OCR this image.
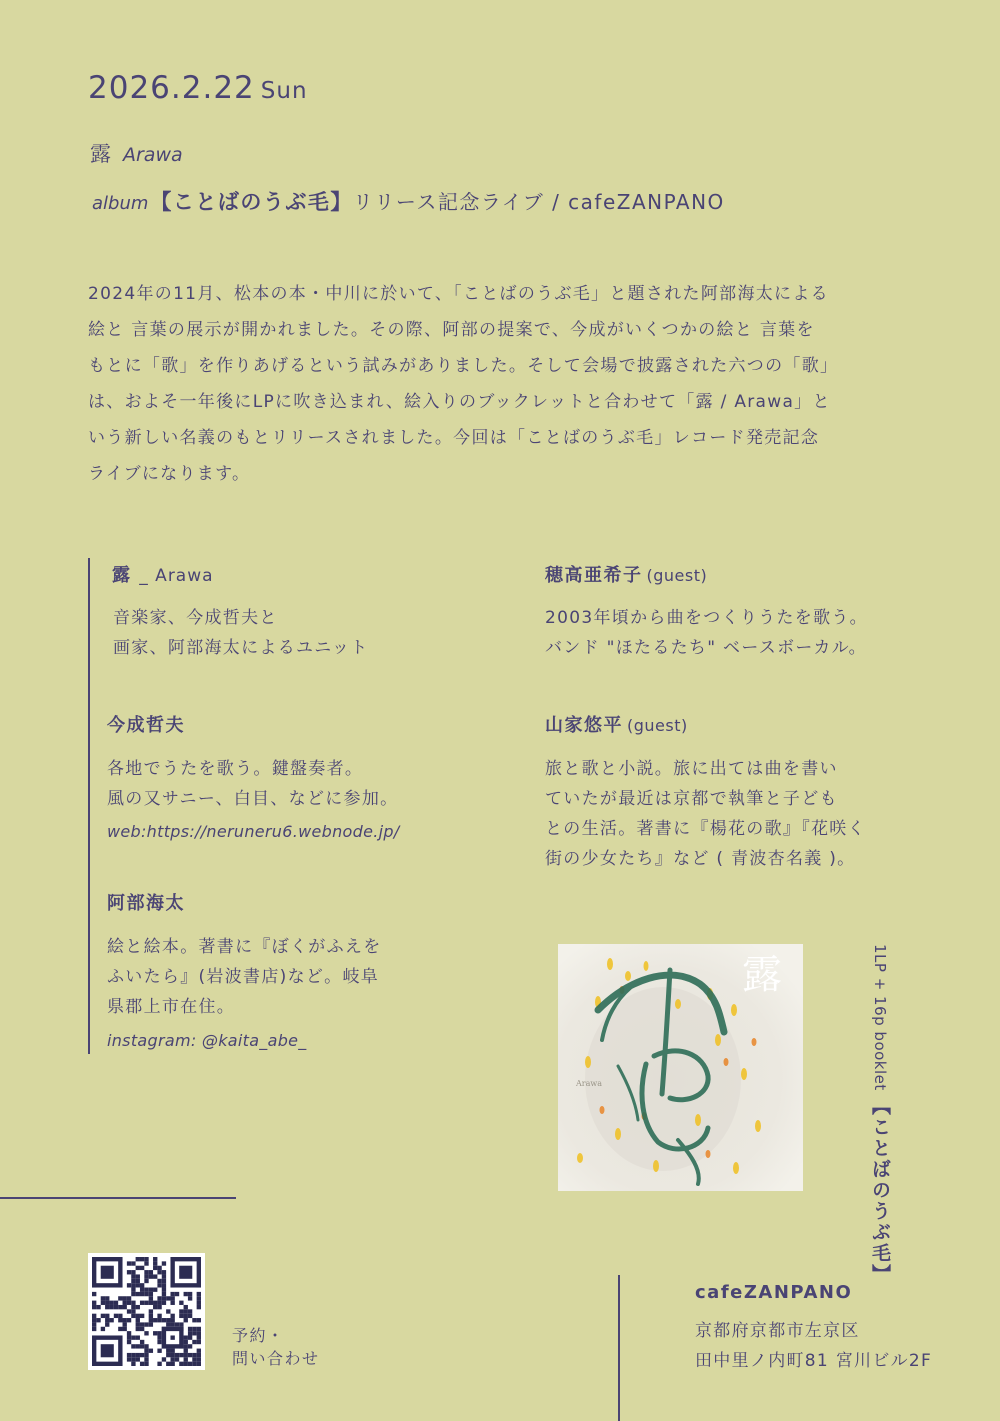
2026.2.22 Sun
露 Arawa
album【ことばのうぶ毛】リリース記念ライブ / cafeZANPANO
2024年の11月、松本の本・中川に於いて、「ことばのうぶ毛」と題された阿部海太による
絵と 言葉の展示が開かれました。その際、阿部の提案で、今成がいくつかの絵と 言葉を
もとに「歌」を作りあげるという試みがありました。そして会場で披露された六つの「歌」
は、およそ一年後にLPに吹き込まれ、絵入りのブックレットと合わせて「露 / Arawa」と
いう新しい名義のもとリリースされました。今回は「ことばのうぶ毛」レコード発売記念
ライブになります。
露 _ Arawa
音楽家、今成哲夫と
画家、阿部海太によるユニット
今成哲夫
各地でうたを歌う。鍵盤奏者。
風の又サニー、白目、などに参加。
web:https://neruneru6.webnode.jp/
阿部海太
絵と絵本。著書に『ぼくがふえを
ふいたら』(岩波書店)など。岐阜
県郡上市在住。
instagram: @kaita_abe_
穂高亜希子 (guest)
2003年頃から曲をつくりうたを歌う。
バンド "ほたるたち" ベースボーカル。
山家悠平 (guest)
旅と歌と小説。旅に出ては曲を書い
ていたが最近は京都で執筆と子ども
との生活。著書に『楊花の歌』『花咲く
街の少女たち』など ( 青波杏名義 )。
露
Arawa	1LP + 16p booklet 【ことばのうぶ毛】
予約・
問い合わせ
cafeZANPANO
京都府京都市左京区
田中里ノ内町81 宮川ビル2F
